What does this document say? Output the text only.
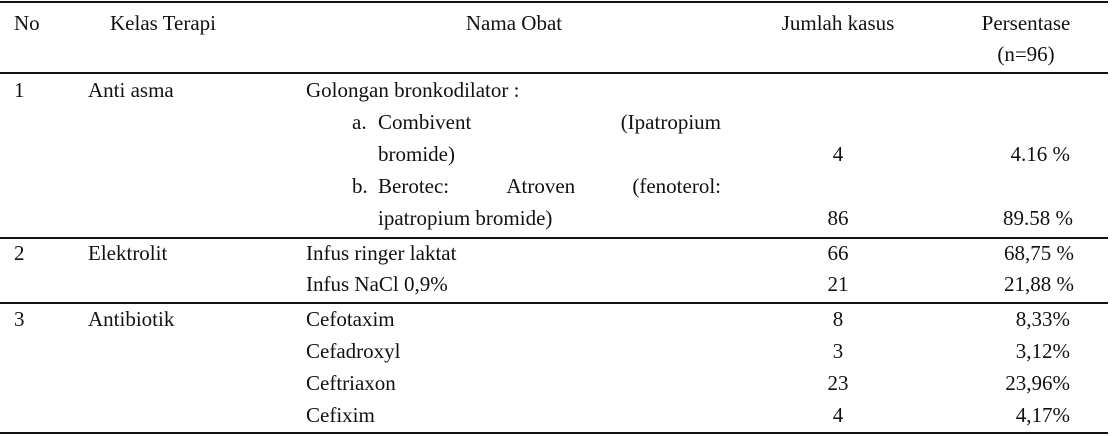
No	Kelas Terapi	Nama Obat	Jumlah kasus	Persentase
(n=96)
1	Anti asma	Golongan bronkodilator :
a. Combivent	(Ipatropium
bromide)	4	4.16 %
b. Berotec:	Atroven	(fenoterol:
ipatropium bromide)	86	89.58 %
2	Elektrolit	Infus ringer laktat	66	68,75 %
Infus NaCl 0,9%	21	21,88 %
3	Antibiotik	Cefotaxim	8	8,33%
Cefadroxyl	3	3,12%
Ceftriaxon	23	23,96%
Cefixim	4	4,17%
